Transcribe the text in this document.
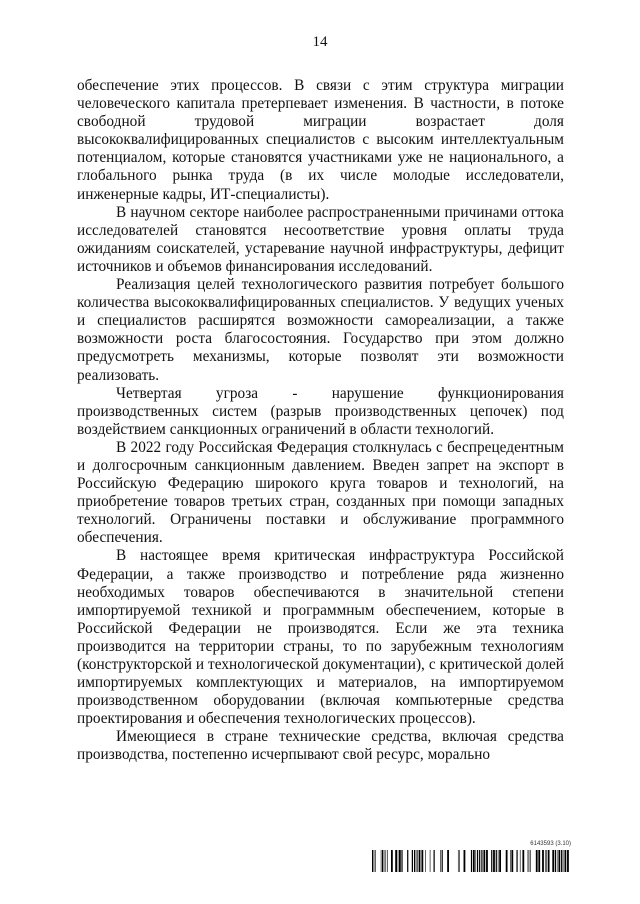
14

обеспечение этих процессов. В связи с этим структура миграции человеческого капитала претерпевает изменения. В частности, в потоке свободной трудовой миграции возрастает доля высококвалифицированных специалистов с высоким интеллектуальным потенциалом, которые становятся участниками уже не национального, а глобального рынка труда (в их числе молодые исследователи, инженерные кадры, ИТ-специалисты).

В научном секторе наиболее распространенными причинами оттока исследователей становятся несоответствие уровня оплаты труда ожиданиям соискателей, устаревание научной инфраструктуры, дефицит источников и объемов финансирования исследований.

Реализация целей технологического развития потребует большого количества высококвалифицированных специалистов. У ведущих ученых и специалистов расширятся возможности самореализации, а также возможности роста благосостояния. Государство при этом должно предусмотреть механизмы, которые позволят эти возможности реализовать.

Четвертая угроза - нарушение функционирования производственных систем (разрыв производственных цепочек) под воздействием санкционных ограничений в области технологий.

В 2022 году Российская Федерация столкнулась с беспрецедентным и долгосрочным санкционным давлением. Введен запрет на экспорт в Российскую Федерацию широкого круга товаров и технологий, на приобретение товаров третьих стран, созданных при помощи западных технологий. Ограничены поставки и обслуживание программного обеспечения.

В настоящее время критическая инфраструктура Российской Федерации, а также производство и потребление ряда жизненно необходимых товаров обеспечиваются в значительной степени импортируемой техникой и программным обеспечением, которые в Российской Федерации не производятся. Если же эта техника производится на территории страны, то по зарубежным технологиям (конструкторской и технологической документации), с критической долей импортируемых комплектующих и материалов, на импортируемом производственном оборудовании (включая компьютерные средства проектирования и обеспечения технологических процессов).

Имеющиеся в стране технические средства, включая средства производства, постепенно исчерпывают свой ресурс, морально

6143593 (3.10)
